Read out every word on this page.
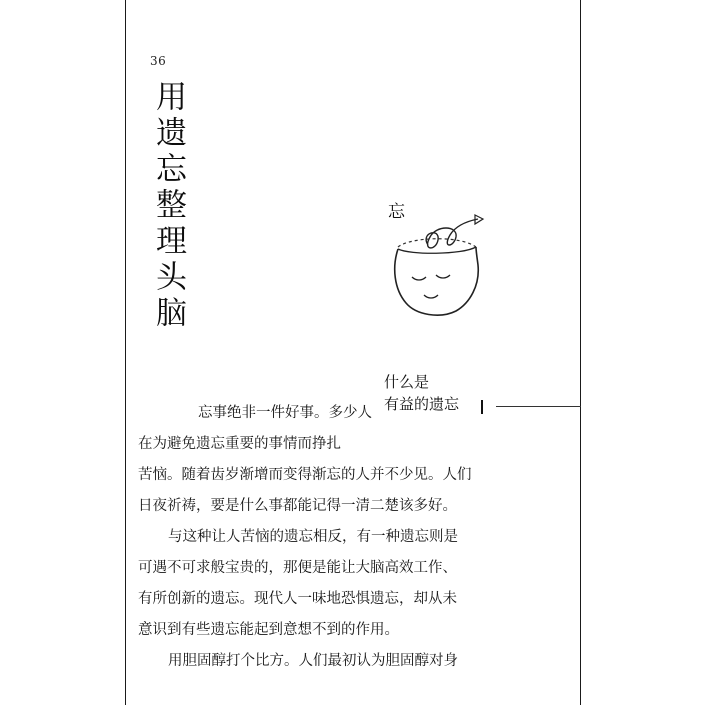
36
用遗忘整理头脑	忘
什么是
有益的遗忘
忘事绝非一件好事。多少人
在为避免遗忘重要的事情而挣扎
苦恼。随着齿岁渐增而变得渐忘的人并不少见。人们
日夜祈祷，要是什么事都能记得一清二楚该多好。
与这种让人苦恼的遗忘相反，有一种遗忘则是
可遇不可求般宝贵的，那便是能让大脑高效工作、
有所创新的遗忘。现代人一味地恐惧遗忘，却从未
意识到有些遗忘能起到意想不到的作用。
用胆固醇打个比方。人们最初认为胆固醇对身
